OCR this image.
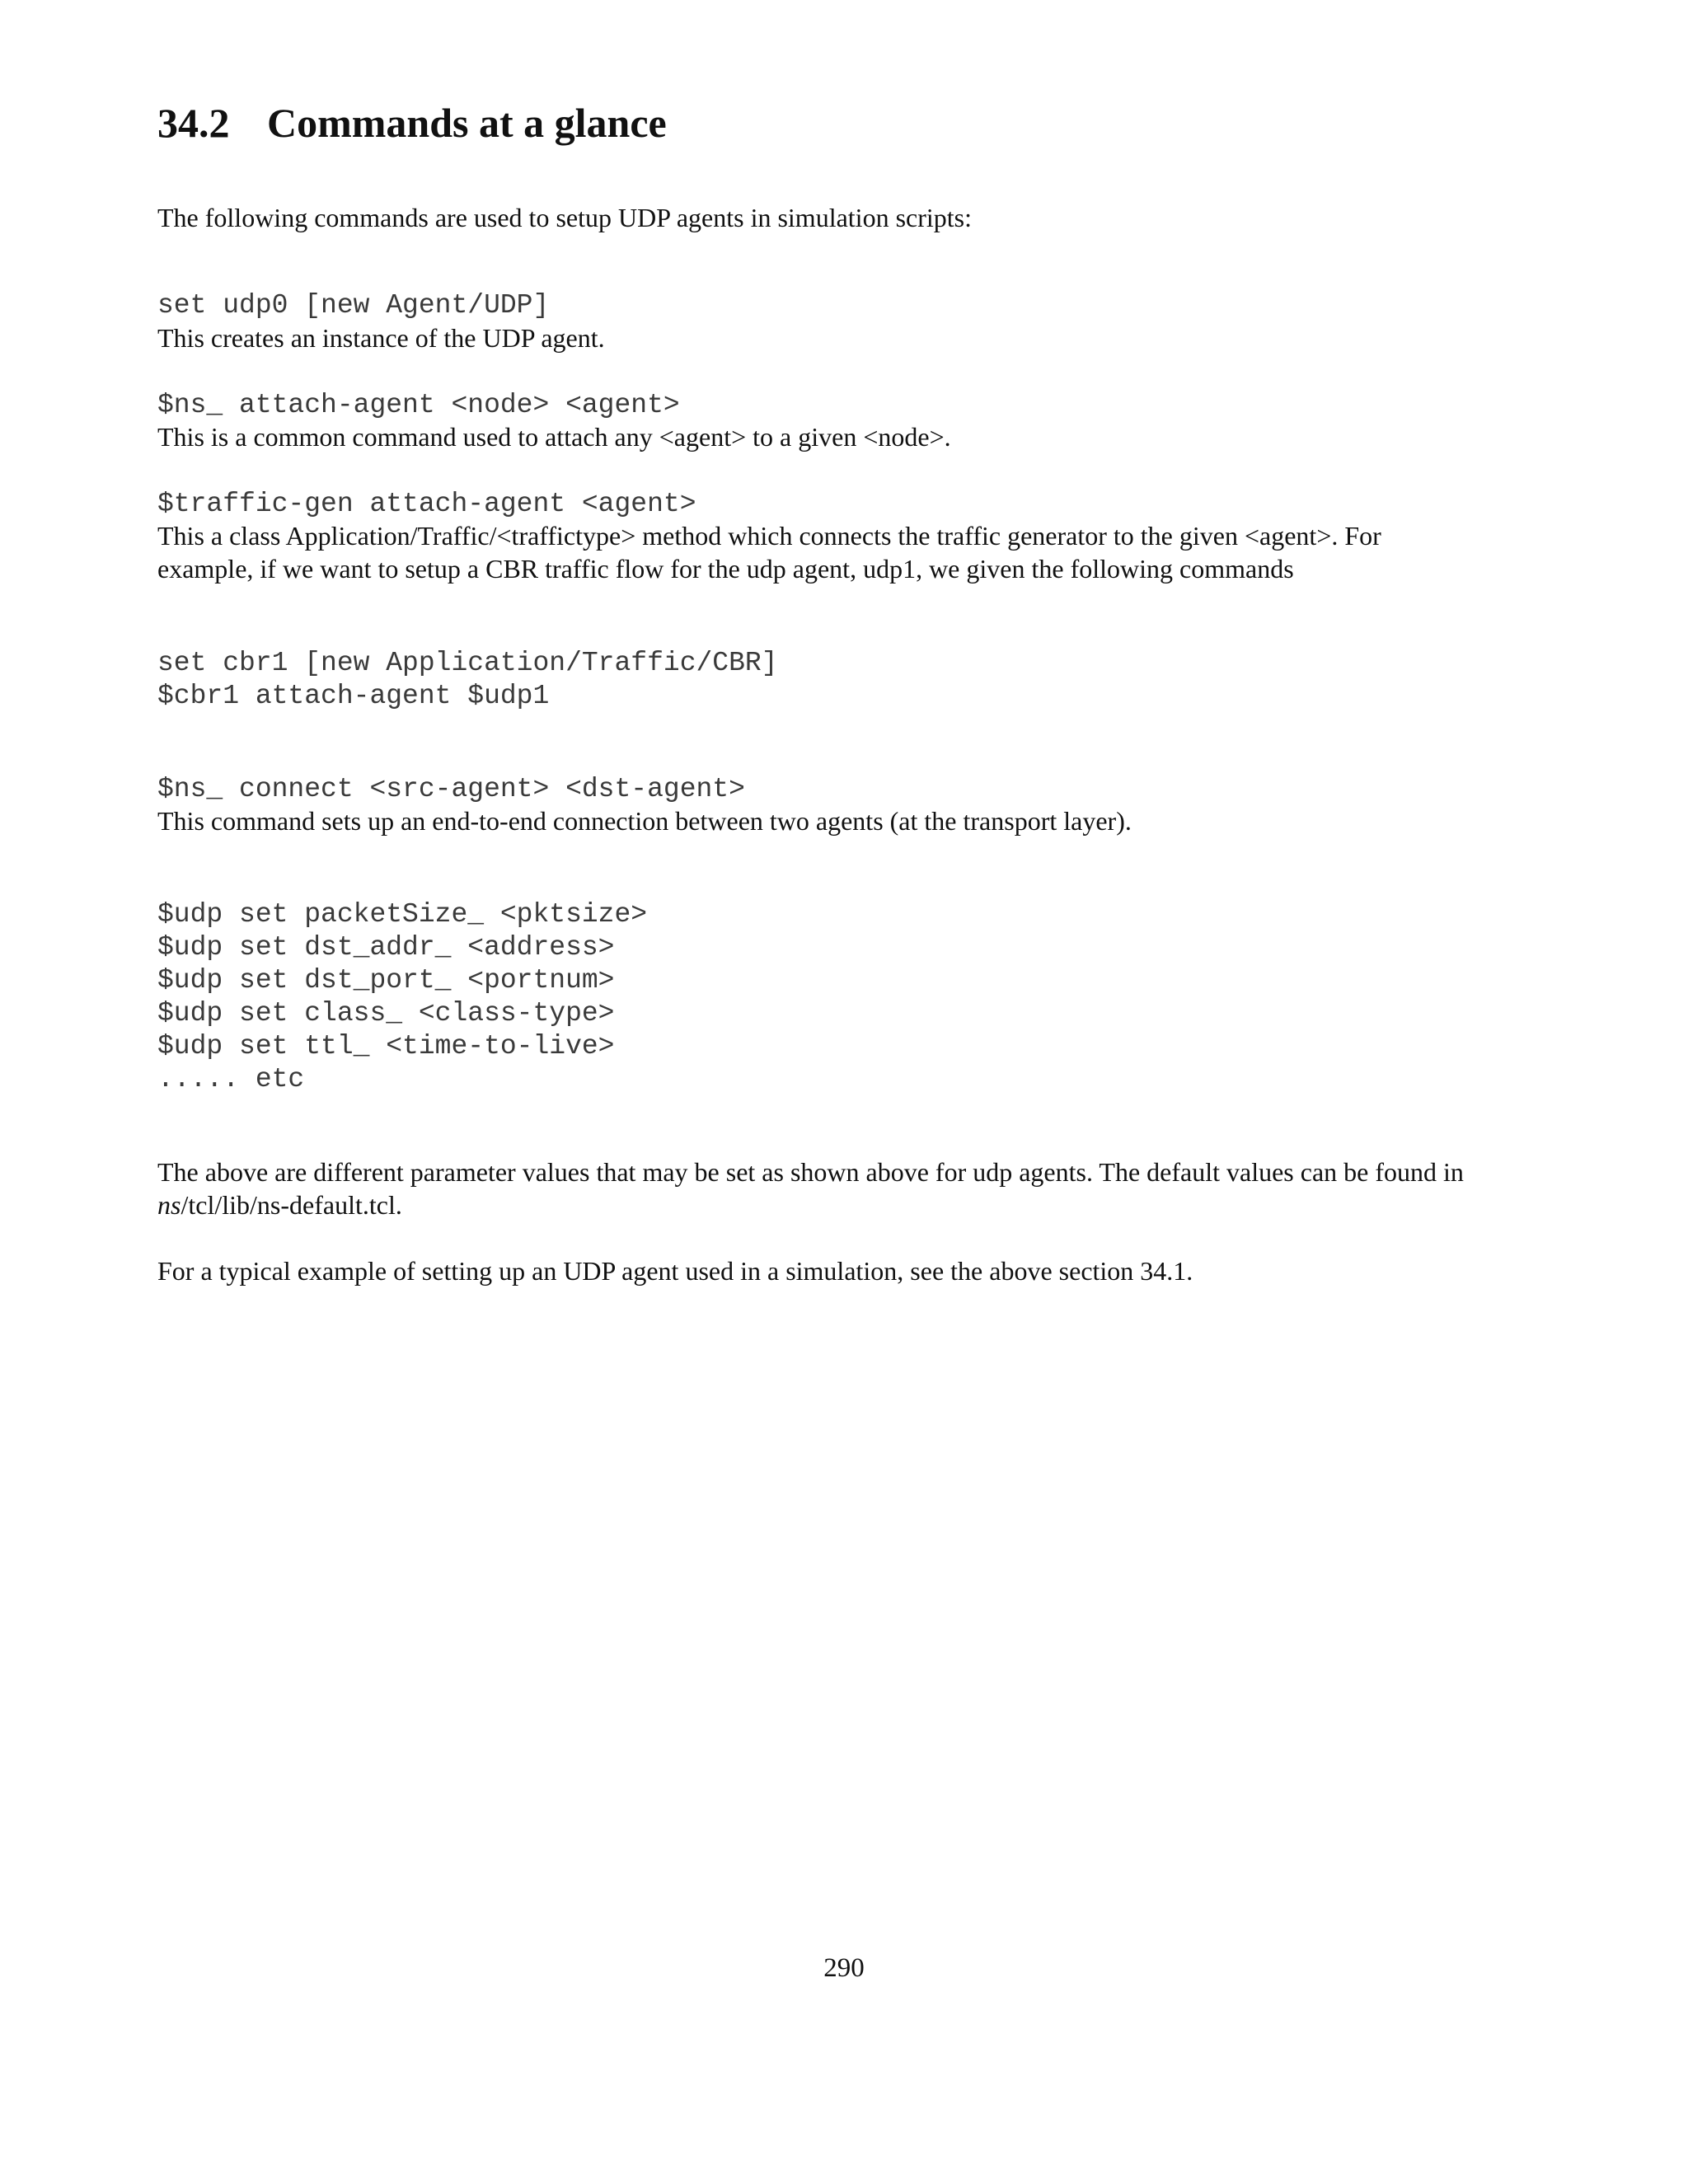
34.2 Commands at a glance

The following commands are used to setup UDP agents in simulation scripts:

set udp0 [new Agent/UDP]

This creates an instance of the UDP agent.

$ns_ attach-agent <node> <agent>

This is a common command used to attach any <agent> to a given <node>.

$traffic-gen attach-agent <agent>

This a class Application/Traffic/<traffictype> method which connects the traffic generator to the given <agent>. For

example, if we want to setup a CBR traffic flow for the udp agent, udp1, we given the following commands

set cbr1 [new Application/Traffic/CBR]
$cbr1 attach-agent $udp1
$ns_ connect <src-agent> <dst-agent>

This command sets up an end-to-end connection between two agents (at the transport layer).

$udp set packetSize_ <pktsize>
$udp set dst_addr_ <address>
$udp set dst_port_ <portnum>
$udp set class_ <class-type>
$udp set ttl_ <time-to-live>
..... etc

The above are different parameter values that may be set as shown above for udp agents. The default values can be found in

ns/tcl/lib/ns-default.tcl.

For a typical example of setting up an UDP agent used in a simulation, see the above section 34.1.

290
